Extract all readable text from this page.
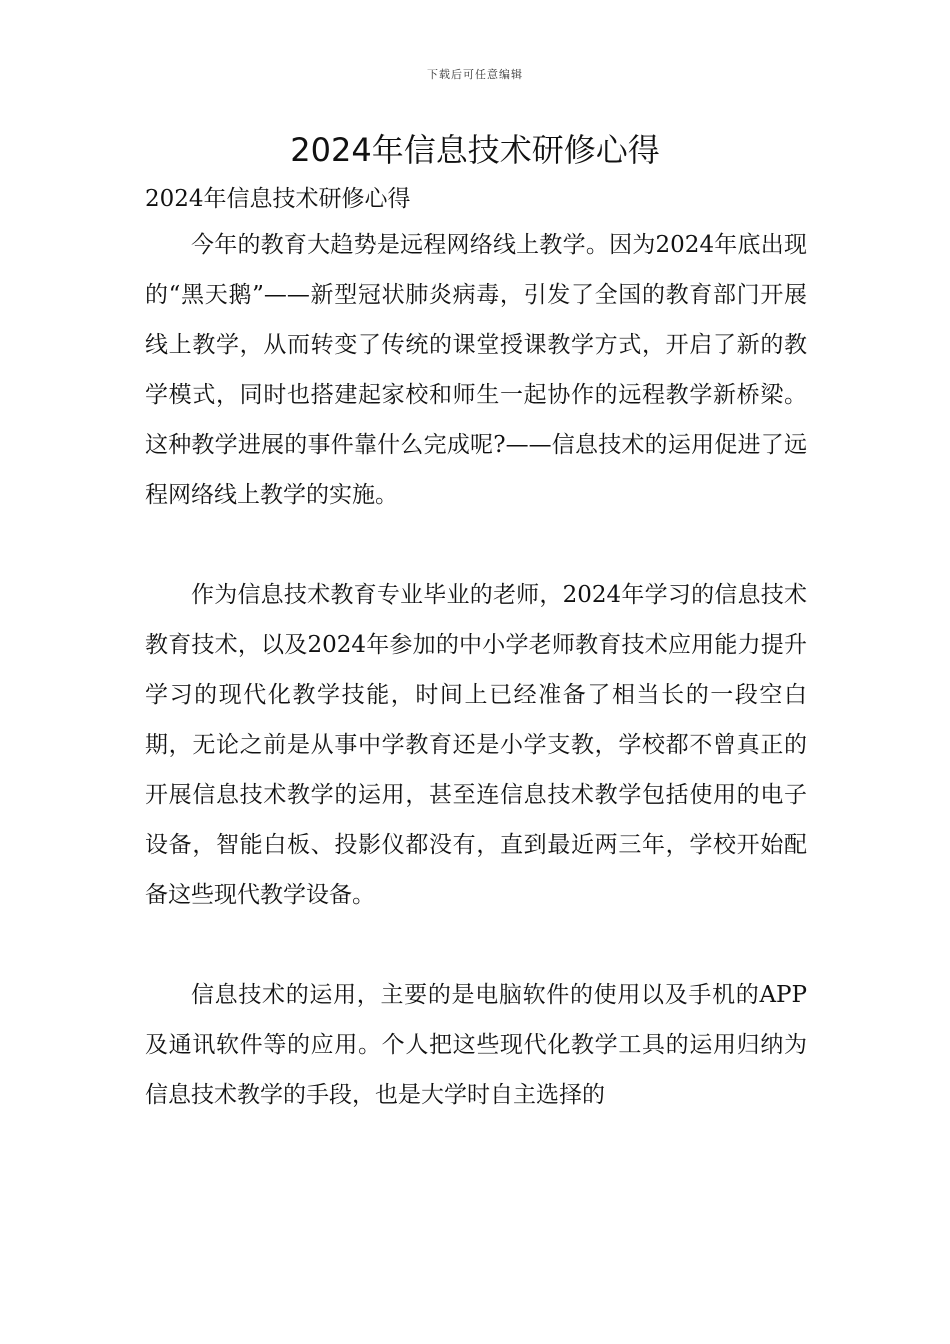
下载后可任意编辑
2024年信息技术研修心得

2024年信息技术研修心得

今年的教育大趋势是远程网络线上教学。因为2024年底出现的“黑天鹅”——新型冠状肺炎病毒，引发了全国的教育部门开展线上教学，从而转变了传统的课堂授课教学方式，开启了新的教学模式，同时也搭建起家校和师生一起协作的远程教学新桥梁。这种教学进展的事件靠什么完成呢?——信息技术的运用促进了远程网络线上教学的实施。

作为信息技术教育专业毕业的老师，2024年学习的信息技术教育技术，以及2024年参加的中小学老师教育技术应用能力提升学习的现代化教学技能，时间上已经准备了相当长的一段空白期，无论之前是从事中学教育还是小学支教，学校都不曾真正的开展信息技术教学的运用，甚至连信息技术教学包括使用的电子设备，智能白板、投影仪都没有，直到最近两三年，学校开始配备这些现代教学设备。

信息技术的运用，主要的是电脑软件的使用以及手机的APP及通讯软件等的应用。个人把这些现代化教学工具的运用归纳为信息技术教学的手段，也是大学时自主选择的
